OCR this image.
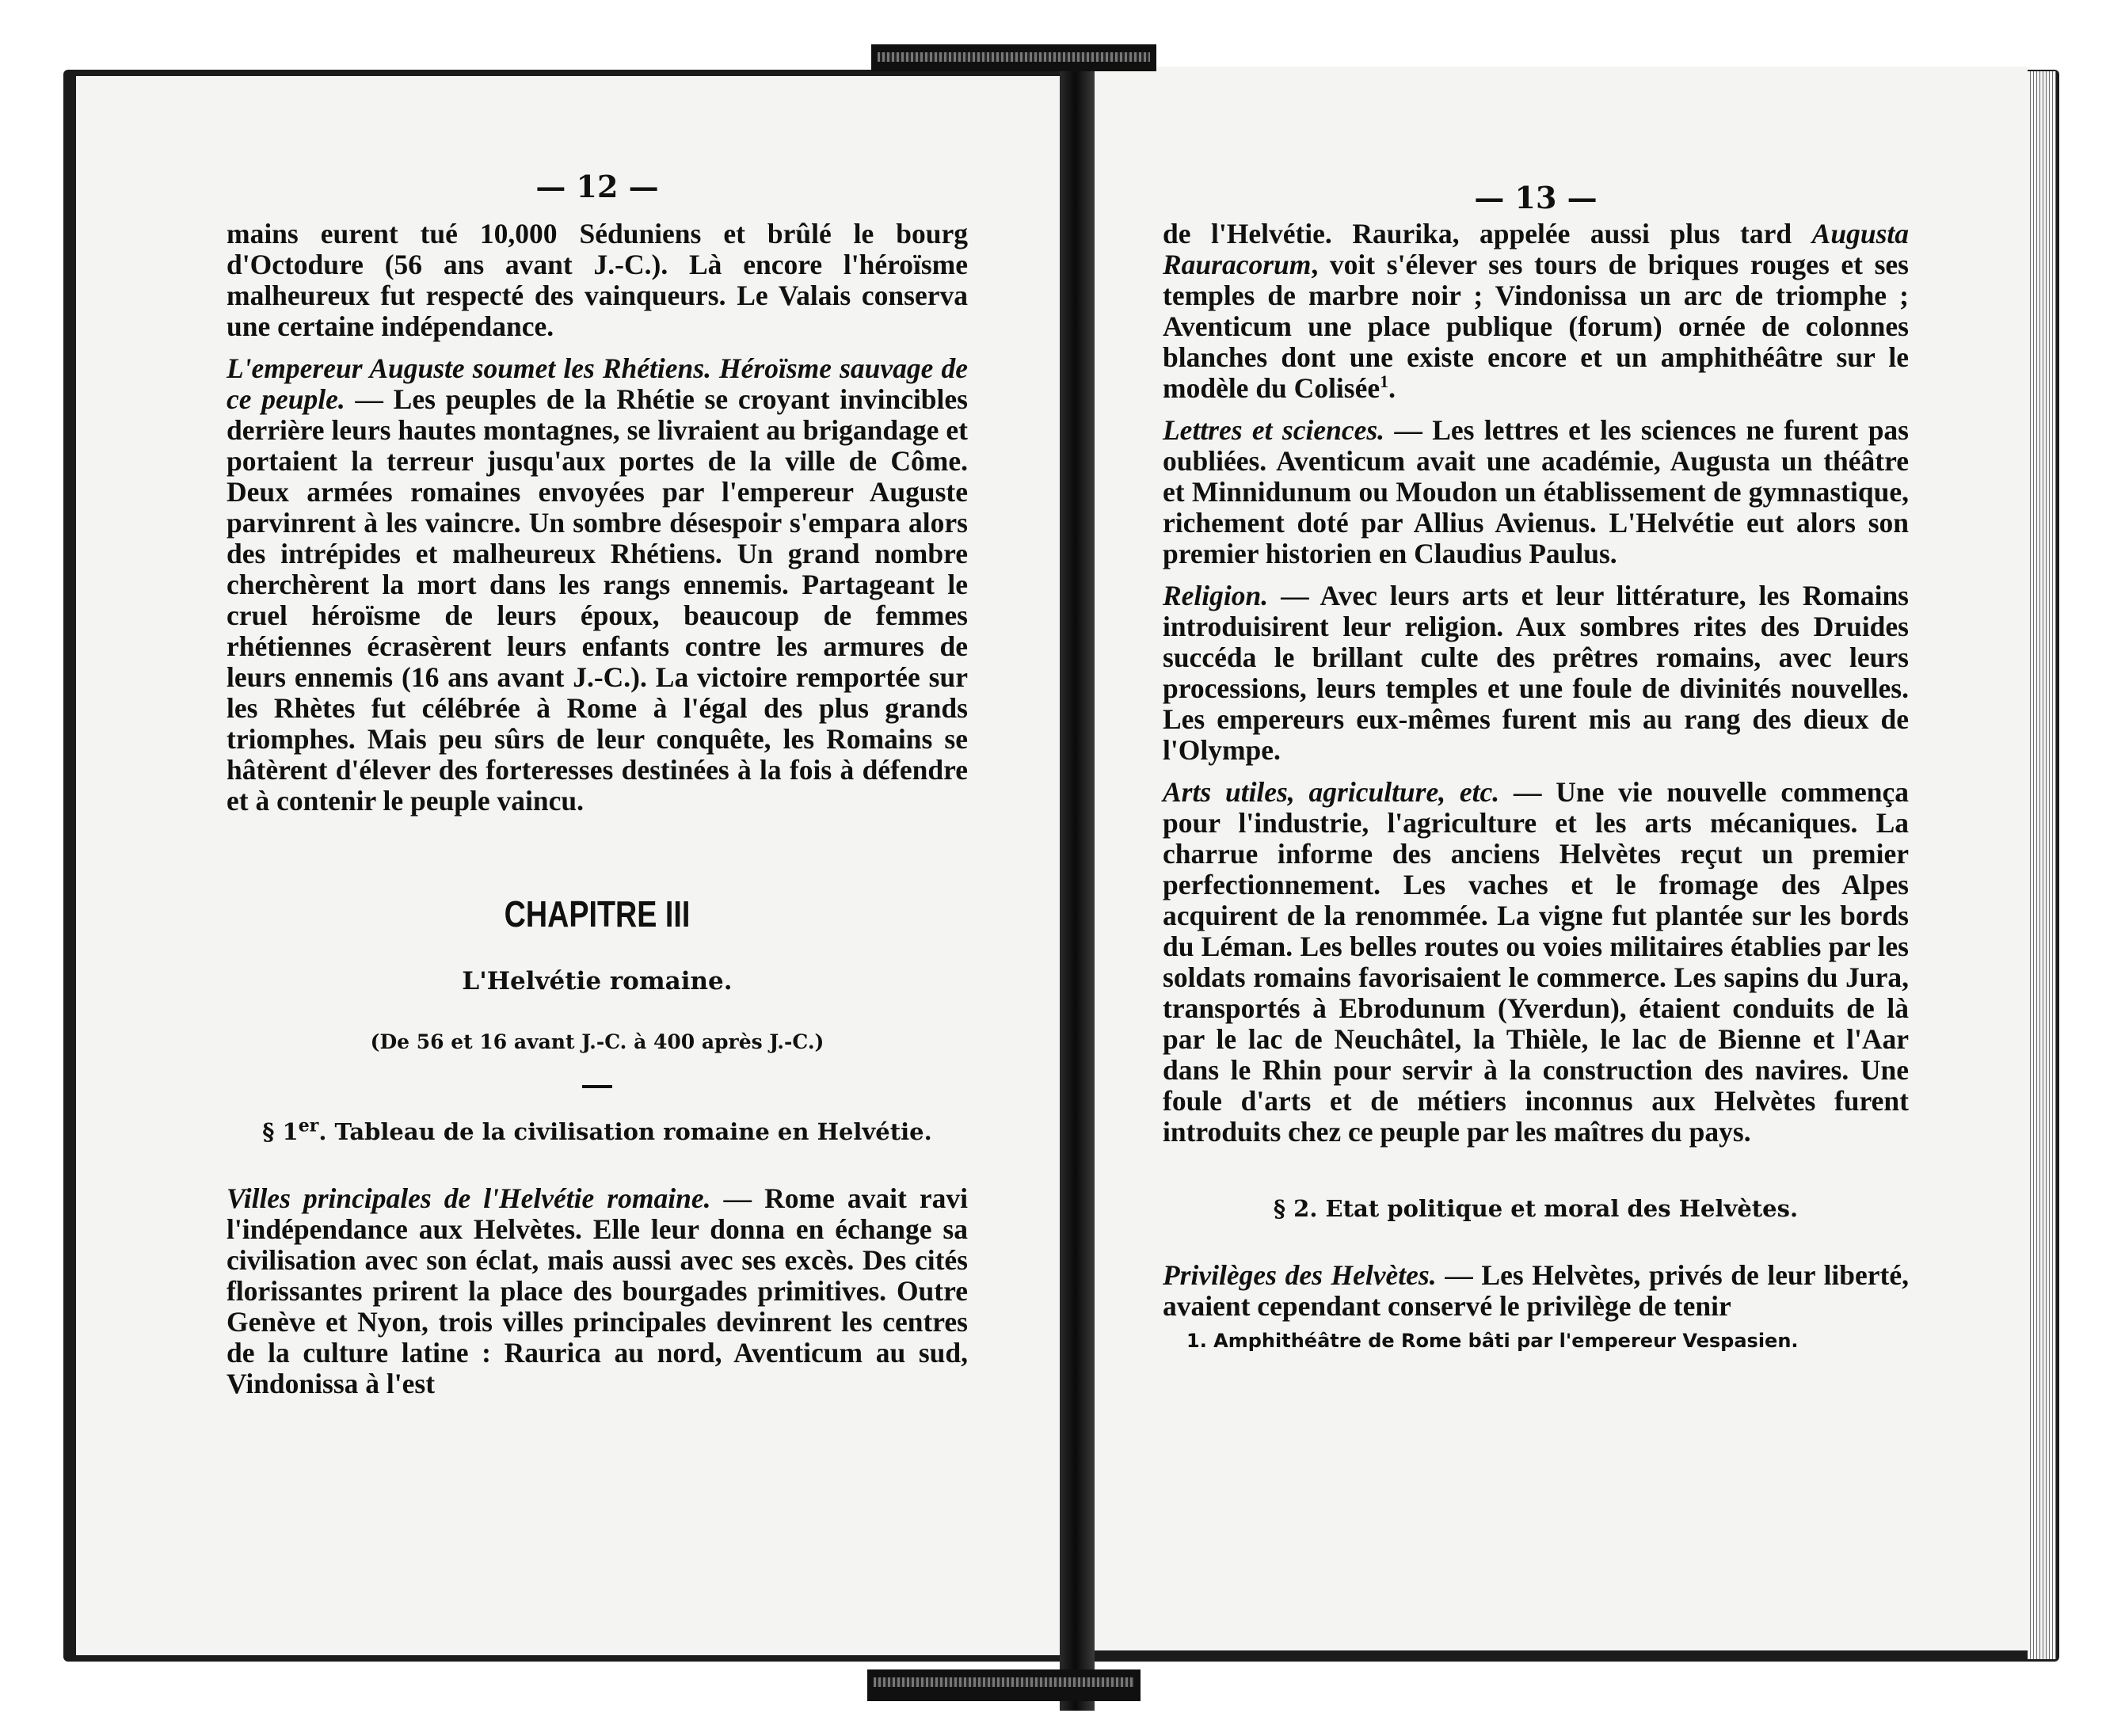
— 12 —

mains eurent tué 10,000 Séduniens et brûlé le bourg d'Octodure (56 ans avant J.-C.). Là encore l'héroïsme malheureux fut respecté des vainqueurs. Le Valais conserva une certaine indépendance.

L'empereur Auguste soumet les Rhétiens. Héroïsme sauvage de ce peuple. — Les peuples de la Rhétie se croyant invincibles derrière leurs hautes montagnes, se livraient au brigandage et portaient la terreur jusqu'aux portes de la ville de Côme. Deux armées romaines envoyées par l'empereur Auguste parvinrent à les vaincre. Un sombre désespoir s'empara alors des intrépides et malheureux Rhétiens. Un grand nombre cherchèrent la mort dans les rangs ennemis. Partageant le cruel héroïsme de leurs époux, beaucoup de femmes rhétiennes écrasèrent leurs enfants contre les armures de leurs ennemis (16 ans avant J.-C.). La victoire remportée sur les Rhètes fut célébrée à Rome à l'égal des plus grands triomphes. Mais peu sûrs de leur conquête, les Romains se hâtèrent d'élever des forteresses destinées à la fois à défendre et à contenir le peuple vaincu.

CHAPITRE III

L'Helvétie romaine.

(De 56 et 16 avant J.-C. à 400 après J.-C.)

§ 1er. Tableau de la civilisation romaine en Helvétie.

Villes principales de l'Helvétie romaine. — Rome avait ravi l'indépendance aux Helvètes. Elle leur donna en échange sa civilisation avec son éclat, mais aussi avec ses excès. Des cités florissantes prirent la place des bourgades primitives. Outre Genève et Nyon, trois villes principales devinrent les centres de la culture latine : Raurica au nord, Aventicum au sud, Vindonissa à l'est

— 13 —

de l'Helvétie. Raurika, appelée aussi plus tard Augusta Rauracorum, voit s'élever ses tours de briques rouges et ses temples de marbre noir ; Vindonissa un arc de triomphe ; Aventicum une place publique (forum) ornée de colonnes blanches dont une existe encore et un amphithéâtre sur le modèle du Colisée$^1$.

Lettres et sciences. — Les lettres et les sciences ne furent pas oubliées. Aventicum avait une académie, Augusta un théâtre et Minnidunum ou Moudon un établissement de gymnastique, richement doté par Allius Avienus. L'Helvétie eut alors son premier historien en Claudius Paulus.

Religion. — Avec leurs arts et leur littérature, les Romains introduisirent leur religion. Aux sombres rites des Druides succéda le brillant culte des prêtres romains, avec leurs processions, leurs temples et une foule de divinités nouvelles. Les empereurs eux-mêmes furent mis au rang des dieux de l'Olympe.

Arts utiles, agriculture, etc. — Une vie nouvelle commença pour l'industrie, l'agriculture et les arts mécaniques. La charrue informe des anciens Helvètes reçut un premier perfectionnement. Les vaches et le fromage des Alpes acquirent de la renommée. La vigne fut plantée sur les bords du Léman. Les belles routes ou voies militaires établies par les soldats romains favorisaient le commerce. Les sapins du Jura, transportés à Ebrodunum (Yverdun), étaient conduits de là par le lac de Neuchâtel, la Thièle, le lac de Bienne et l'Aar dans le Rhin pour servir à la construction des navires. Une foule d'arts et de métiers inconnus aux Helvètes furent introduits chez ce peuple par les maîtres du pays.

§ 2. Etat politique et moral des Helvètes.

Privilèges des Helvètes. — Les Helvètes, privés de leur liberté, avaient cependant conservé le privilège de tenir

1. Amphithéâtre de Rome bâti par l'empereur Vespasien.
